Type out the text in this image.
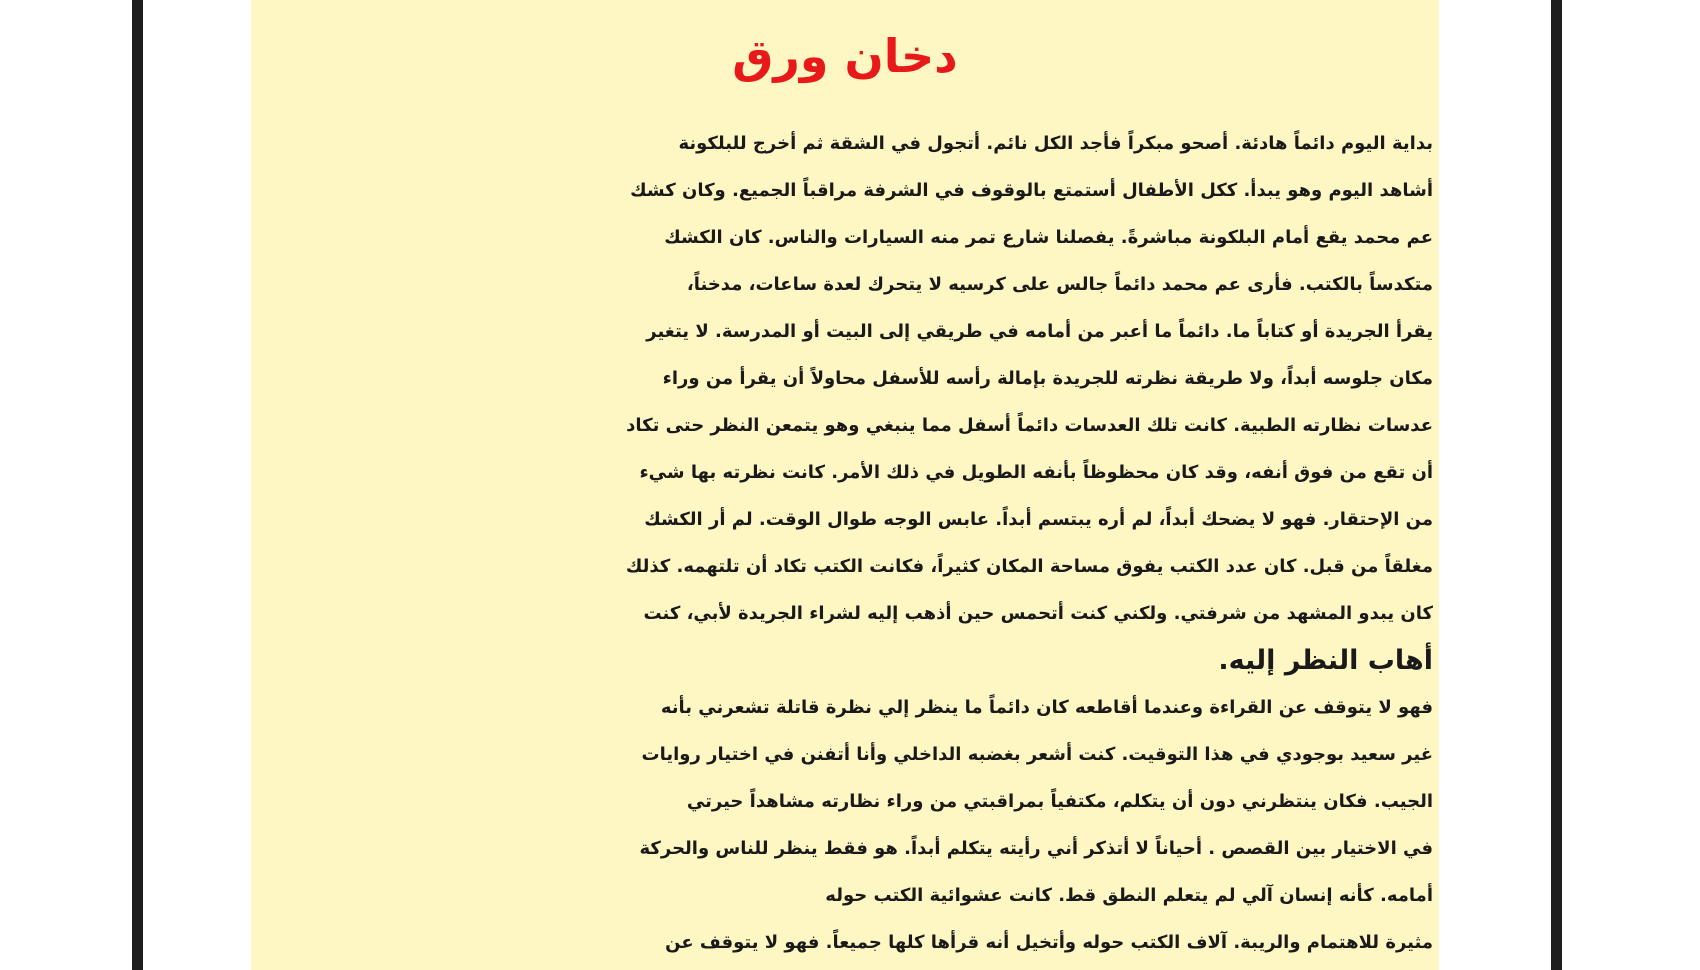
دخان ورق
بداية اليوم دائماً هادئة. أصحو مبكراً فأجد الكل نائم. أتجول في الشقة ثم أخرج للبلكونة
أشاهد اليوم وهو يبدأ. ككل الأطفال أستمتع بالوقوف في الشرفة مراقباً الجميع. وكان كشك
عم محمد يقع أمام البلكونة مباشرةً. يفصلنا شارع تمر منه السيارات والناس. كان الكشك
متكدساً بالكتب. فأرى عم محمد دائماً جالس على كرسيه لا يتحرك لعدة ساعات، مدخناً،
يقرأ الجريدة أو كتاباً ما. دائماً ما أعبر من أمامه في طريقي إلى البيت أو المدرسة. لا يتغير
مكان جلوسه أبداً، ولا طريقة نظرته للجريدة بإمالة رأسه للأسفل محاولاً أن يقرأ من وراء
عدسات نظارته الطبية. كانت تلك العدسات دائماً أسفل مما ينبغي وهو يتمعن النظر حتى تكاد
أن تقع من فوق أنفه، وقد كان محظوظاً بأنفه الطويل في ذلك الأمر. كانت نظرته بها شيء
من الإحتقار. فهو لا يضحك أبداً، لم أره يبتسم أبداً. عابس الوجه طوال الوقت. لم أر الكشك
مغلقاً من قبل. كان عدد الكتب يفوق مساحة المكان كثيراً، فكانت الكتب تكاد أن تلتهمه. كذلك
كان يبدو المشهد من شرفتي. ولكني كنت أتحمس حين أذهب إليه لشراء الجريدة لأبي، كنت
أهاب النظر إليه.
فهو لا يتوقف عن القراءة وعندما أقاطعه كان دائماً ما ينظر إلي نظرة قاتلة تشعرني بأنه
غير سعيد بوجودي في هذا التوقيت. كنت أشعر بغضبه الداخلي وأنا أتفنن في اختيار روايات
الجيب. فكان ينتظرني دون أن يتكلم، مكتفياً بمراقبتي من وراء نظارته مشاهداً حيرتي
في الاختيار بين القصص . أحياناً لا أتذكر أني رأيته يتكلم أبداً. هو فقط ينظر للناس والحركة
أمامه. كأنه إنسان آلي لم يتعلم النطق قط. كانت عشوائية الكتب حوله
مثيرة للاهتمام والريبة. آلاف الكتب حوله وأتخيل أنه قرأها كلها جميعاً. فهو لا يتوقف عن
